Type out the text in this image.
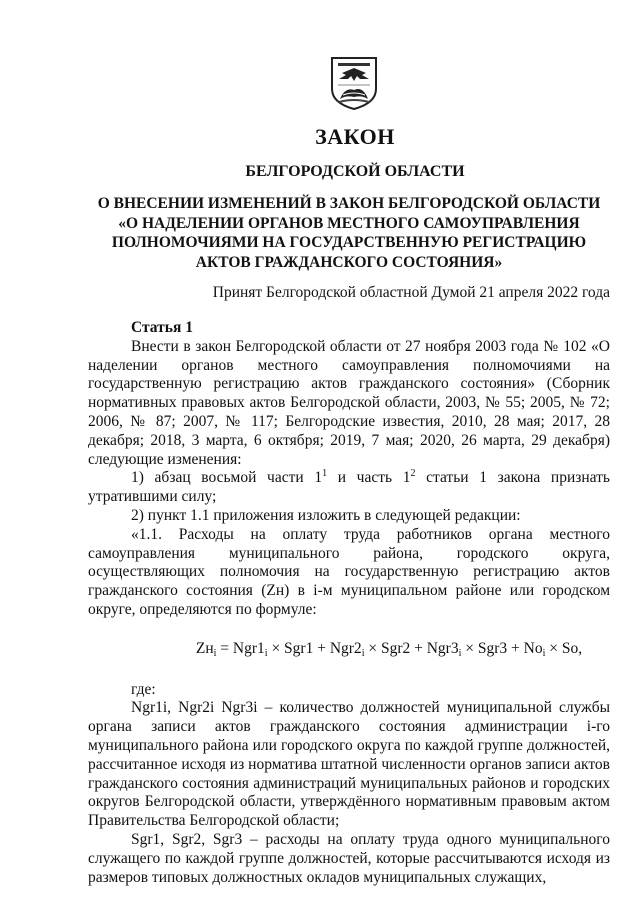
ЗАКОН
БЕЛГОРОДСКОЙ ОБЛАСТИ
О ВНЕСЕНИИ ИЗМЕНЕНИЙ В ЗАКОН БЕЛГОРОДСКОЙ ОБЛАСТИ
«О НАДЕЛЕНИИ ОРГАНОВ МЕСТНОГО САМОУПРАВЛЕНИЯ
ПОЛНОМОЧИЯМИ НА ГОСУДАРСТВЕННУЮ РЕГИСТРАЦИЮ
АКТОВ ГРАЖДАНСКОГО СОСТОЯНИЯ»
Принят Белгородской областной Думой 21 апреля 2022 года

Статья 1

Внести в закон Белгородской области от 27 ноября 2003 года № 102 «О наделении органов местного самоуправления полномочиями на государственную регистрацию актов гражданского состояния» (Сборник нормативных правовых актов Белгородской области, 2003, № 55; 2005, № 72; 2006, № 87; 2007, № 117; Белгородские известия, 2010, 28 мая; 2017, 28 декабря; 2018, 3 марта, 6 октября; 2019, 7 мая; 2020, 26 марта, 29 декабря) следующие изменения:

1) абзац восьмой части $1^1$ и часть $1^2$ статьи 1 закона признать утратившими силу;

2) пункт 1.1 приложения изложить в следующей редакции:

«1.1. Расходы на оплату труда работников органа местного самоуправления муниципального района, городского округа, осуществляющих полномочия на государственную регистрацию актов гражданского состояния (Zн) в i-м муниципальном районе или городском округе, определяются по формуле:

$Zн_i = Ngr1_i \times Sgr1 + Ngr2_i \times Sgr2 + Ngr3_i \times Sgr3 + No_i \times So$,

где:

Ngr1i, Ngr2i Ngr3i – количество должностей муниципальной службы органа записи актов гражданского состояния администрации i-го муниципального района или городского округа по каждой группе должностей, рассчитанное исходя из норматива штатной численности органов записи актов гражданского состояния администраций муниципальных районов и городских округов Белгородской области, утверждённого нормативным правовым актом Правительства Белгородской области;

Sgr1, Sgr2, Sgr3 – расходы на оплату труда одного муниципального служащего по каждой группе должностей, которые рассчитываются исходя из размеров типовых должностных окладов муниципальных служащих,
